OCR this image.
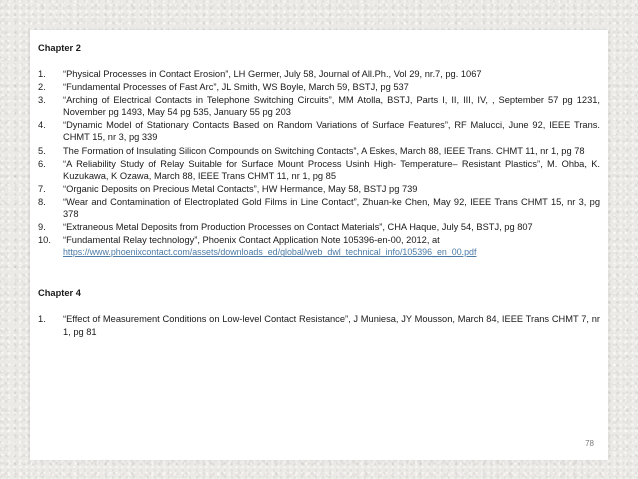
Chapter 2
1.	“Physical Processes in Contact Erosion”, LH Germer, July 58, Journal of All.Ph., Vol 29, nr.7, pg. 1067
2.	“Fundamental Processes of Fast Arc”, JL Smith, WS Boyle, March 59, BSTJ, pg 537
3.	“Arching of Electrical Contacts in Telephone Switching Circuits”, MM Atolla, BSTJ, Parts I, II, III, IV, , September 57 pg 1231, November pg 1493, May 54 pg 535, January 55 pg 203
4.	“Dynamic Model of Stationary Contacts Based on Random Variations of Surface Features”, RF Malucci, June 92, IEEE Trans. CHMT 15, nr 3, pg 339
5.	The Formation of Insulating Silicon Compounds on Switching Contacts”, A Eskes, March 88, IEEE Trans. CHMT 11, nr 1, pg 78
6.	“A Reliability Study of Relay Suitable for Surface Mount Process Usinh High- Temperature– Resistant Plastics”, M. Ohba, K. Kuzukawa, K Ozawa, March 88, IEEE Trans CHMT 11, nr 1, pg 85
7.	“Organic Deposits on Precious Metal Contacts”, HW Hermance, May 58, BSTJ pg 739
8.	“Wear and Contamination of Electroplated Gold Films in Line Contact”, Zhuan-ke Chen, May 92, IEEE Trans CHMT 15, nr 3, pg 378
9.	“Extraneous Metal Deposits from Production Processes on Contact Materials”, CHA Haque, July 54, BSTJ, pg 807
10.	“Fundamental Relay technology”, Phoenix Contact Application Note 105396-en-00, 2012, at
https://www.phoenixcontact.com/assets/downloads_ed/global/web_dwl_technical_info/105396_en_00.pdf
Chapter 4
1.	“Effect of Measurement Conditions on Low-level Contact Resistance”, J Muniesa, JY Mousson, March 84, IEEE Trans CHMT 7, nr 1, pg 81
78
